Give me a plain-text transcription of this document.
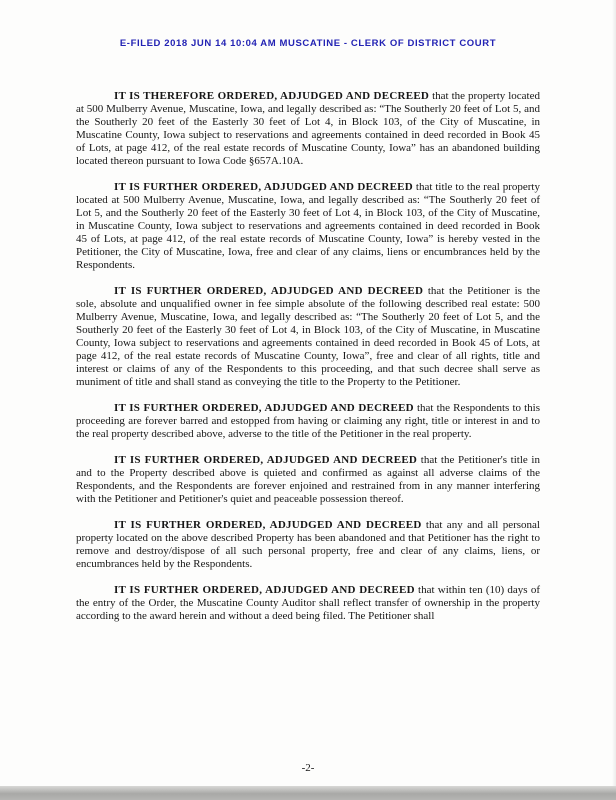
E-FILED 2018 JUN 14 10:04 AM MUSCATINE - CLERK OF DISTRICT COURT

IT IS THEREFORE ORDERED, ADJUDGED AND DECREED that the property located at 500 Mulberry Avenue, Muscatine, Iowa, and legally described as: “The Southerly 20 feet of Lot 5, and the Southerly 20 feet of the Easterly 30 feet of Lot 4, in Block 103, of the City of Muscatine, in Muscatine County, Iowa subject to reservations and agreements contained in deed recorded in Book 45 of Lots, at page 412, of the real estate records of Muscatine County, Iowa” has an abandoned building located thereon pursuant to Iowa Code §657A.10A.

IT IS FURTHER ORDERED, ADJUDGED AND DECREED that title to the real property located at 500 Mulberry Avenue, Muscatine, Iowa, and legally described as: “The Southerly 20 feet of Lot 5, and the Southerly 20 feet of the Easterly 30 feet of Lot 4, in Block 103, of the City of Muscatine, in Muscatine County, Iowa subject to reservations and agreements contained in deed recorded in Book 45 of Lots, at page 412, of the real estate records of Muscatine County, Iowa” is hereby vested in the Petitioner, the City of Muscatine, Iowa, free and clear of any claims, liens or encumbrances held by the Respondents.

IT IS FURTHER ORDERED, ADJUDGED AND DECREED that the Petitioner is the sole, absolute and unqualified owner in fee simple absolute of the following described real estate: 500 Mulberry Avenue, Muscatine, Iowa, and legally described as: “The Southerly 20 feet of Lot 5, and the Southerly 20 feet of the Easterly 30 feet of Lot 4, in Block 103, of the City of Muscatine, in Muscatine County, Iowa subject to reservations and agreements contained in deed recorded in Book 45 of Lots, at page 412, of the real estate records of Muscatine County, Iowa”, free and clear of all rights, title and interest or claims of any of the Respondents to this proceeding, and that such decree shall serve as muniment of title and shall stand as conveying the title to the Property to the Petitioner.

IT IS FURTHER ORDERED, ADJUDGED AND DECREED that the Respondents to this proceeding are forever barred and estopped from having or claiming any right, title or interest in and to the real property described above, adverse to the title of the Petitioner in the real property.

IT IS FURTHER ORDERED, ADJUDGED AND DECREED that the Petitioner's title in and to the Property described above is quieted and confirmed as against all adverse claims of the Respondents, and the Respondents are forever enjoined and restrained from in any manner interfering with the Petitioner and Petitioner's quiet and peaceable possession thereof.

IT IS FURTHER ORDERED, ADJUDGED AND DECREED that any and all personal property located on the above described Property has been abandoned and that Petitioner has the right to remove and destroy/dispose of all such personal property, free and clear of any claims, liens, or encumbrances held by the Respondents.

IT IS FURTHER ORDERED, ADJUDGED AND DECREED that within ten (10) days of the entry of the Order, the Muscatine County Auditor shall reflect transfer of ownership in the property according to the award herein and without a deed being filed. The Petitioner shall

-2-
